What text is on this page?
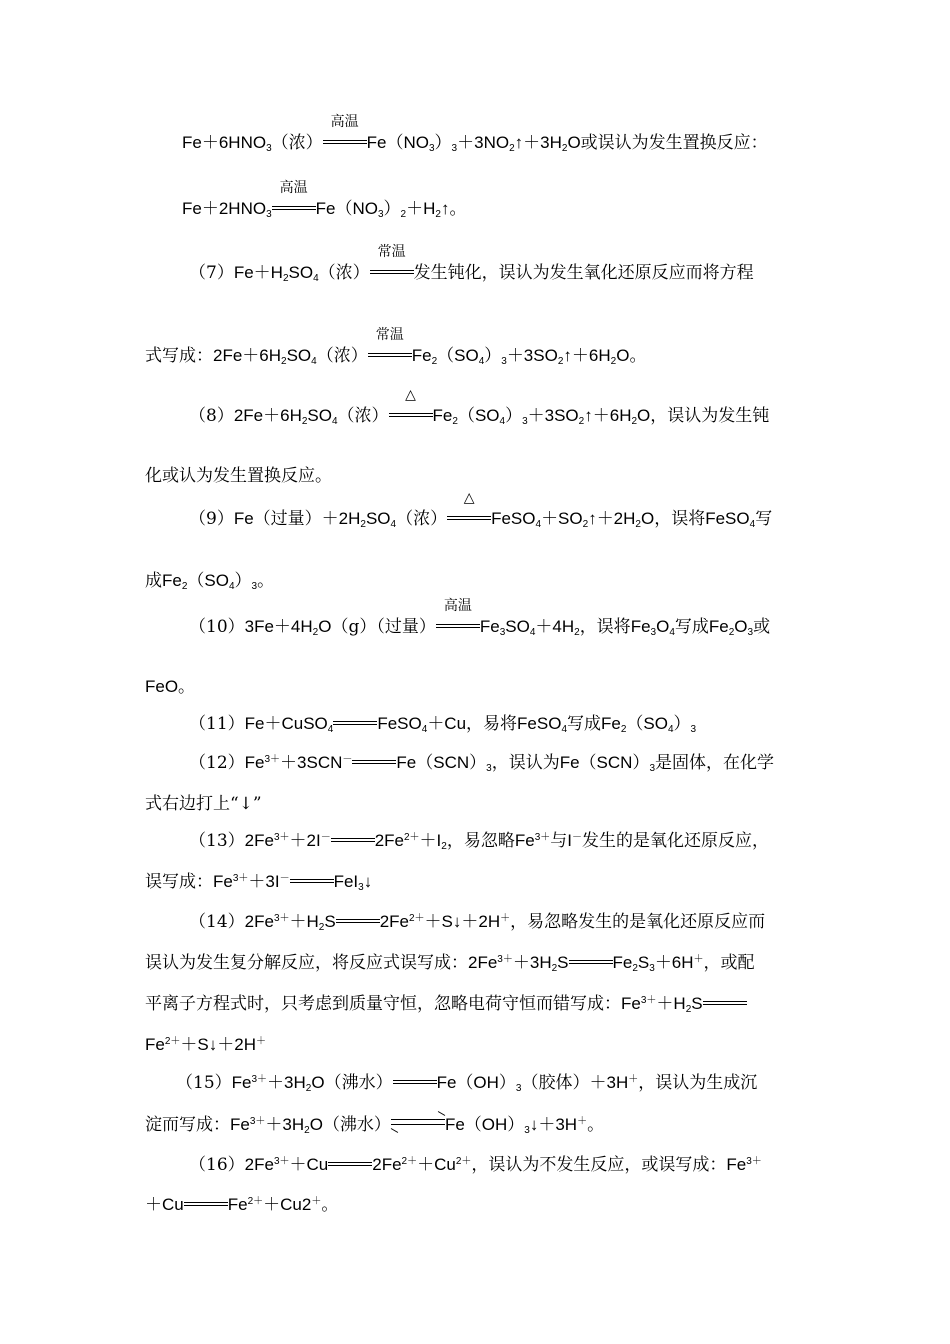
$Fe+6HNO_3$（浓）
高温
$Fe(NO_3)_3+3NO_2↑+3H_2O$或误认为发生置换反应：
$Fe+2HNO_3$
高温
$Fe(NO_3)_2+H_2↑$。
$(7)Fe+H_2SO_4$（浓）
常温
发生钝化，误认为发生氧化还原反应而将方程
式写成：$2Fe+6H_2SO_4$（浓）
常温
$Fe_2(SO_4)_3+3SO_2↑+6H_2O$。
$(8)2Fe+6H_2SO_4$（浓）
△
$Fe_2(SO_4)_3+3SO_2↑+6H_2O$，误认为发生钝
化或认为发生置换反应。
（9）Fe（过量）$+2H_2SO_4$（浓）
△
$FeSO_4+SO_2↑+2H_2O$，误将FeSO$_4$写
成$Fe_2(SO_4)_3$。
$(10)3Fe+4H_2O(g)$（过量）
高温
$Fe_3SO_4+4H_2$，误将$Fe_3O_4$写成$Fe_2O_3$或
FeO。
（11）Fe＋CuSO$_4$	FeSO$_4$＋Cu，易将FeSO$_4$写成$Fe_2(SO_4)_3$
$(12)Fe^{3+}+3SCN^-$	$Fe(SCN)_3$，误认为$Fe(SCN)_3$是固体，在化学
式右边打上“↓”
$(13)2Fe^{3+}+2I^-$	$2Fe^{2+}+I_2$，易忽略$Fe^{3+}$与I－发生的是氧化还原反应，
误写成：$Fe^{3+}+3I^-$	FeI$_3$↓
$(14)2Fe^{3+}+H_2S$	$2Fe^{2+}+S↓+2H^+$，易忽略发生的是氧化还原反应而
误认为发生复分解反应，将反应式误写成：$2Fe^{3+}+3H_2S$	$Fe_2S_3+6H^+$，或配
平离子方程式时，只考虑到质量守恒，忽略电荷守恒而错写成：$Fe^{3+}+H_2S$
$Fe^{2+}+S↓+2H^+$
$(15)Fe^{3+}+3H_2O$（沸水）	$Fe(OH)_3$（胶体）＋3H＋，误认为生成沉
淀而写成：$Fe^{3+}+3H_2O$（沸水）	$Fe(OH)_3↓+3H^+$。
$(16)2Fe^{3+}+Cu$	$2Fe^{2+}+Cu^{2+}$，误认为不发生反应，或误写成：$Fe^{3+}$
＋Cu	$Fe^{2+}+Cu2^+$。
